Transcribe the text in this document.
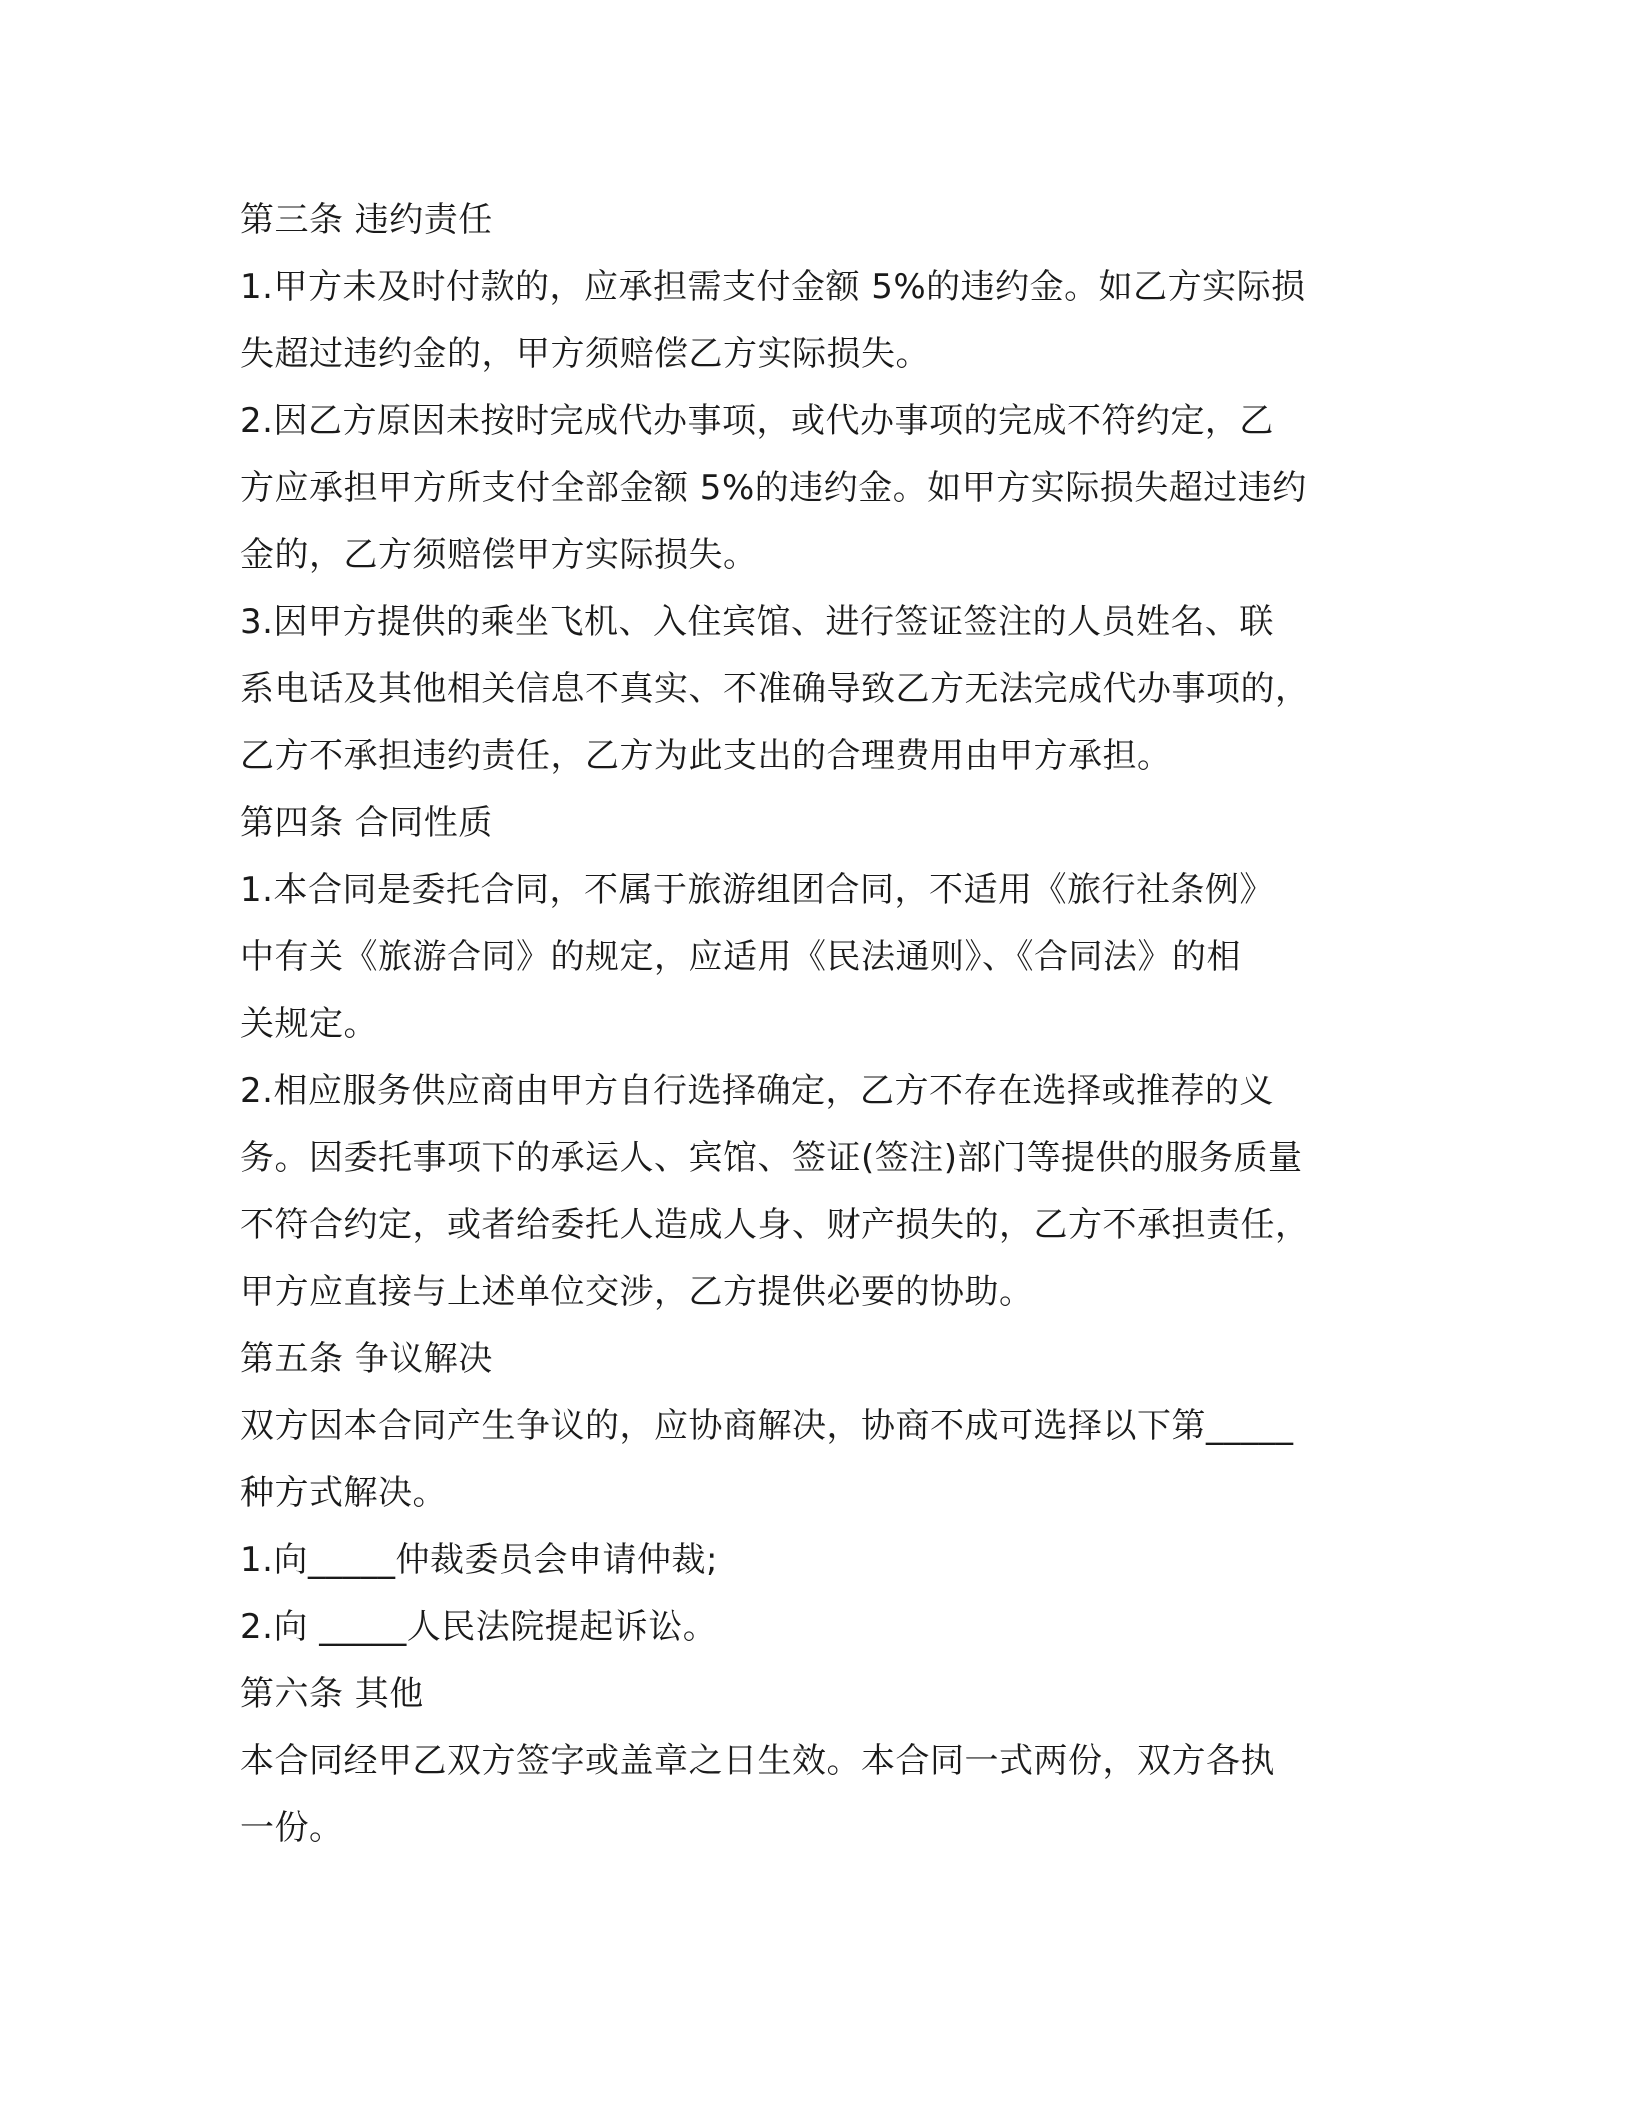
第三条 违约责任

1.甲方未及时付款的，应承担需支付金额 5%的违约金。如乙方实际损
失超过违约金的，甲方须赔偿乙方实际损失。

2.因乙方原因未按时完成代办事项，或代办事项的完成不符约定，乙
方应承担甲方所支付全部金额 5%的违约金。如甲方实际损失超过违约
金的，乙方须赔偿甲方实际损失。

3.因甲方提供的乘坐飞机、入住宾馆、进行签证签注的人员姓名、联
系电话及其他相关信息不真实、不准确导致乙方无法完成代办事项的，
乙方不承担违约责任，乙方为此支出的合理费用由甲方承担。

第四条 合同性质

1.本合同是委托合同，不属于旅游组团合同，不适用《旅行社条例》
中有关《旅游合同》的规定，应适用《民法通则》、《合同法》的相
关规定。

2.相应服务供应商由甲方自行选择确定，乙方不存在选择或推荐的义
务。因委托事项下的承运人、宾馆、签证(签注)部门等提供的服务质量
不符合约定，或者给委托人造成人身、财产损失的，乙方不承担责任，
甲方应直接与上述单位交涉，乙方提供必要的协助。

第五条 争议解决

双方因本合同产生争议的，应协商解决，协商不成可选择以下第_____
种方式解决。

1.向_____仲裁委员会申请仲裁;

2.向 _____人民法院提起诉讼。

第六条 其他

本合同经甲乙双方签字或盖章之日生效。本合同一式两份，双方各执
一份。
